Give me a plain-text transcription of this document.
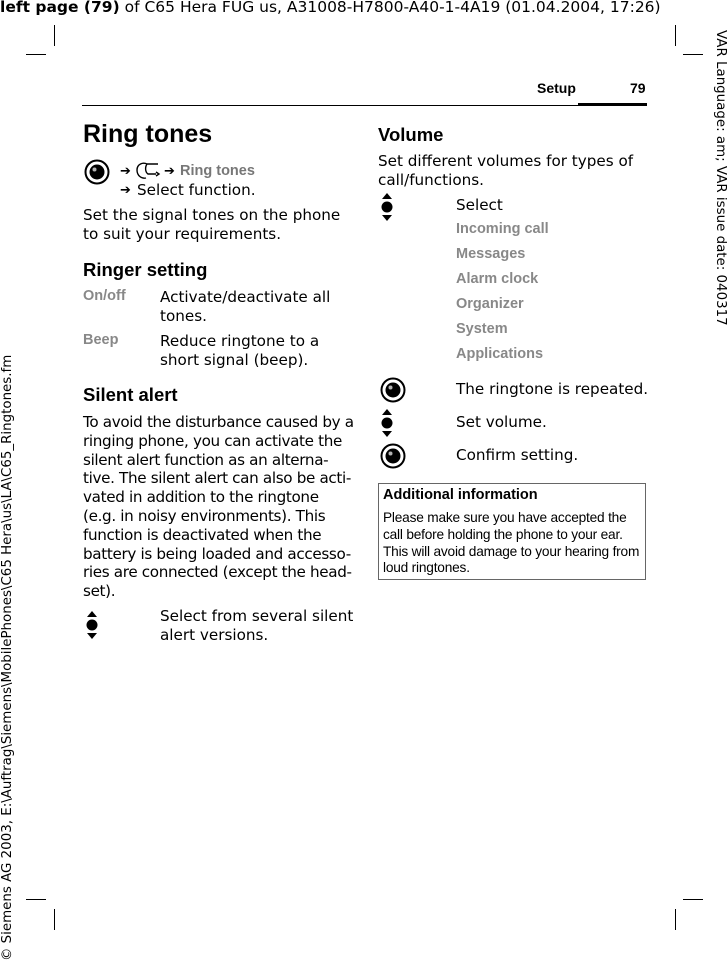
left page (79) of C65 Hera FUG us, A31008-H7800-A40-1-4A19 (01.04.2004, 17:26)
VAR Language: am; VAR issue date: 040317
© Siemens AG 2003, E:\Auftrag\Siemens\MobilePhones\C65 Hera\us\LA\C65_Ringtones.fm
Setup	79
Ring tones
➔	➔ Ring tones
➔ Select function.
Set the signal tones on the phone to suit your requirements.
Ringer setting
On/off Activate/deactivate all
tones.
Beep	Reduce ringtone to a
short signal (beep).
Silent alert
To avoid the disturbance caused by a
ringing phone, you can activate the
silent alert function as an alterna-
tive. The silent alert can also be acti-
vated in addition to the ringtone
(e.g. in noisy environments). This
function is deactivated when the
battery is being loaded and accesso-
ries are connected (except the head-
set).
Select from several silent
alert versions.
Volume
Set different volumes for types of
call/functions.
Select
Incoming call
Messages
Alarm clock
Organizer
System
Applications
The ringtone is repeated.
Set volume.
Confirm setting.
Additional information
Please make sure you have accepted the
call before holding the phone to your ear.
This will avoid damage to your hearing from
loud ringtones.
